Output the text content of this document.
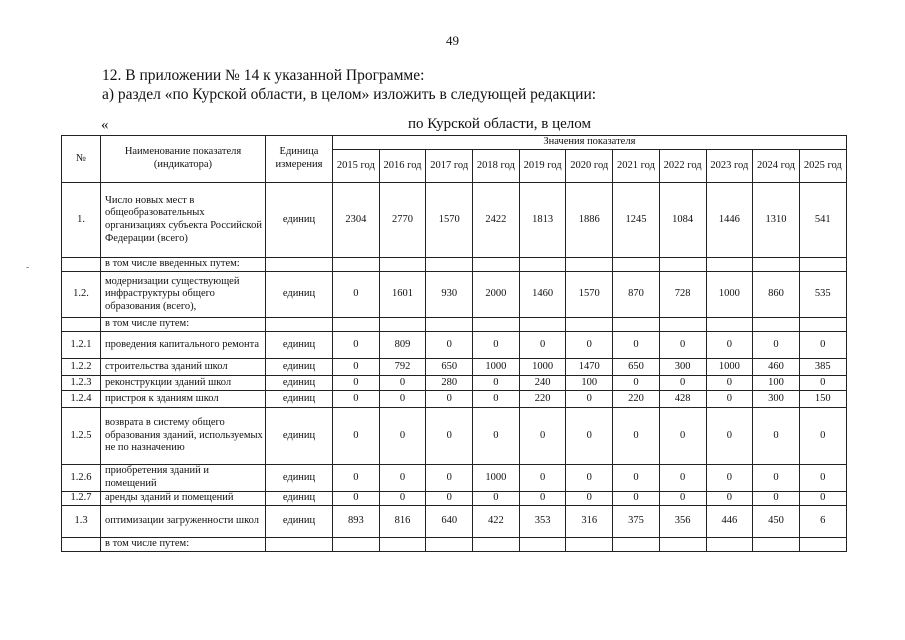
49
12. В приложении № 14 к указанной Программе:
а) раздел «по Курской области, в целом» изложить в следующей редакции:
«	по Курской области, в целом
-
№	Наименование показателя (индикатора)	Единица измерения	Значения показателя										
			2015 год	2016 год	2017 год	2018 год	2019 год	2020 год	2021 год	2022 год	2023 год	2024 год	2025 год
1.	Число новых мест в общеобразовательных организациях субъекта Российской Федерации (всего)	единиц	2304	2770	1570	2422	1813	1886	1245	1084	1446	1310	541
	в том числе введенных путем:												
1.2.	модернизации существующей инфраструктуры общего образования (всего),	единиц	0	1601	930	2000	1460	1570	870	728	1000	860	535
	в том числе путем:												
1.2.1	проведения капитального ремонта	единиц	0	809	0	0	0	0	0	0	0	0	0
1.2.2	строительства зданий школ	единиц	0	792	650	1000	1000	1470	650	300	1000	460	385
1.2.3	реконструкции зданий школ	единиц	0	0	280	0	240	100	0	0	0	100	0
1.2.4	пристроя к зданиям школ	единиц	0	0	0	0	220	0	220	428	0	300	150
1.2.5	возврата в систему общего образования зданий, используемых не по назначению	единиц	0	0	0	0	0	0	0	0	0	0	0
1.2.6	приобретения зданий и помещений	единиц	0	0	0	1000	0	0	0	0	0	0	0
1.2.7	аренды зданий и помещений	единиц	0	0	0	0	0	0	0	0	0	0	0
1.3	оптимизации загруженности школ	единиц	893	816	640	422	353	316	375	356	446	450	6
	в том числе путем:												
